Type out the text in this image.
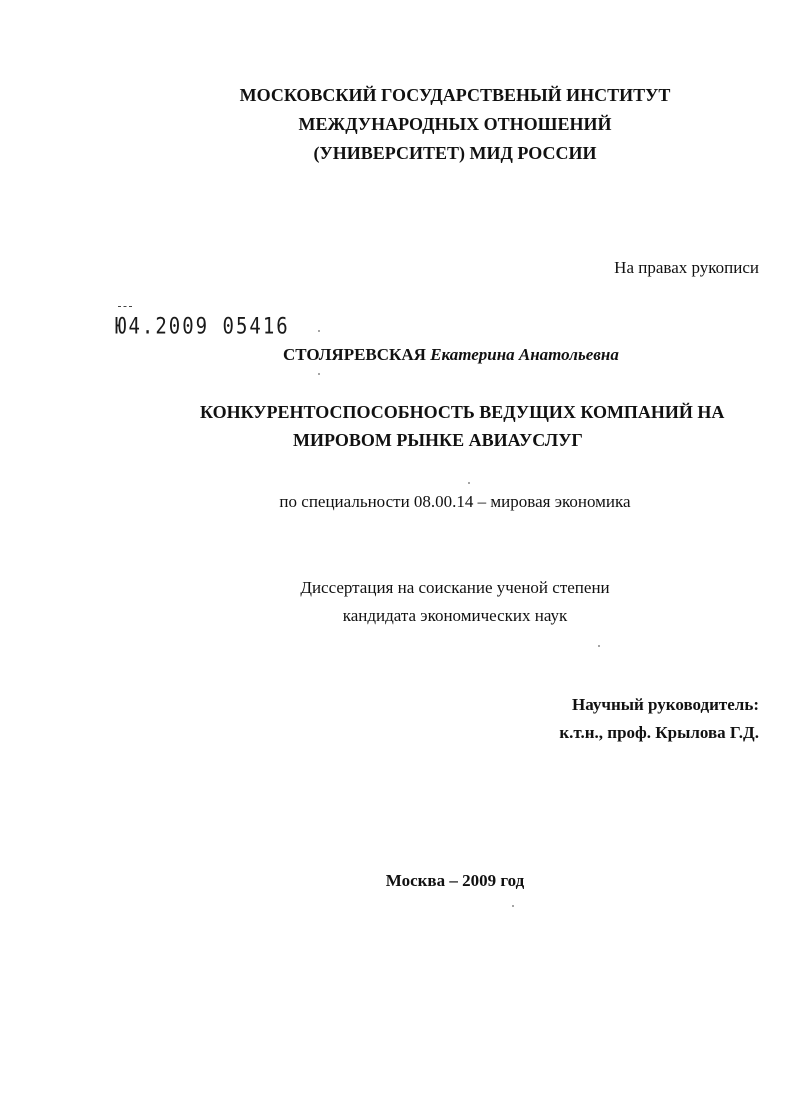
МОСКОВСКИЙ ГОСУДАРСТВЕНЫЙ ИНСТИТУТ
МЕЖДУНАРОДНЫХ ОТНОШЕНИЙ
(УНИВЕРСИТЕТ) МИД РОССИИ
На правах рукописи
Ю4.2009 05416
СТОЛЯРЕВСКАЯ Екатерина Анатольевна
КОНКУРЕНТОСПОСОБНОСТЬ ВЕДУЩИХ КОМПАНИЙ НА
МИРОВОМ РЫНКЕ АВИАУСЛУГ
по специальности 08.00.14 – мировая экономика
Диссертация на соискание ученой степени
кандидата экономических наук
Научный руководитель:
к.т.н., проф. Крылова Г.Д.
Москва – 2009 год
